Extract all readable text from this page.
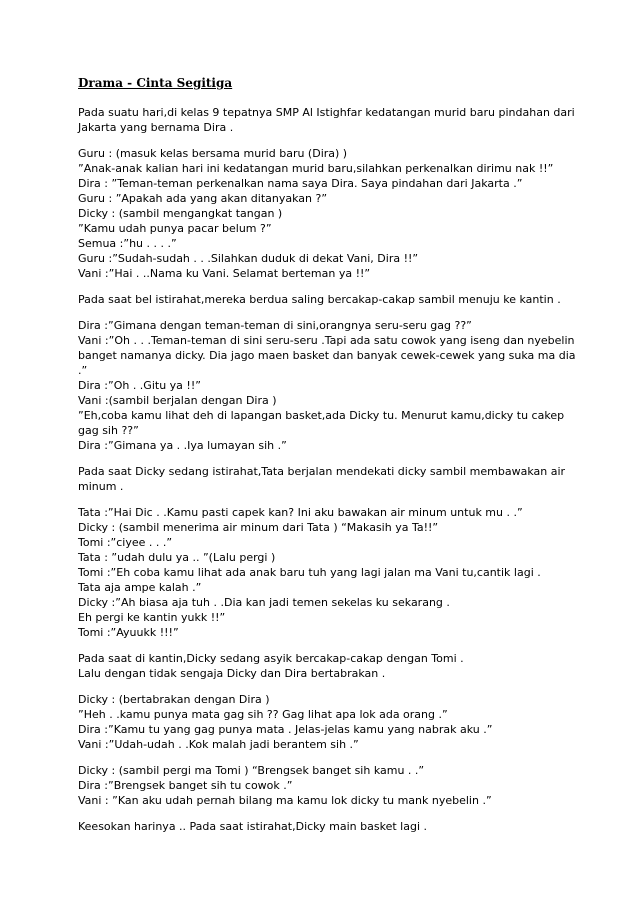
Drama - Cinta Segitiga
Pada suatu hari,di kelas 9 tepatnya SMP Al Istighfar kedatangan murid baru pindahan dari
Jakarta yang bernama Dira .
Guru : (masuk kelas bersama murid baru (Dira) )
”Anak-anak kalian hari ini kedatangan murid baru,silahkan perkenalkan dirimu nak !!”
Dira : ”Teman-teman perkenalkan nama saya Dira. Saya pindahan dari Jakarta .”
Guru : ”Apakah ada yang akan ditanyakan ?”
Dicky : (sambil mengangkat tangan )
”Kamu udah punya pacar belum ?”
Semua :”hu . . . .”
Guru :”Sudah-sudah . . .Silahkan duduk di dekat Vani, Dira !!”
Vani :”Hai . ..Nama ku Vani. Selamat berteman ya !!”
Pada saat bel istirahat,mereka berdua saling bercakap-cakap sambil menuju ke kantin .
Dira :”Gimana dengan teman-teman di sini,orangnya seru-seru gag ??”
Vani :”Oh . . .Teman-teman di sini seru-seru .Tapi ada satu cowok yang iseng dan nyebelin
banget namanya dicky. Dia jago maen basket dan banyak cewek-cewek yang suka ma dia
.”
Dira :”Oh . .Gitu ya !!”
Vani :(sambil berjalan dengan Dira )
”Eh,coba kamu lihat deh di lapangan basket,ada Dicky tu. Menurut kamu,dicky tu cakep
gag sih ??”
Dira :”Gimana ya . .Iya lumayan sih .”
Pada saat Dicky sedang istirahat,Tata berjalan mendekati dicky sambil membawakan air
minum .
Tata :”Hai Dic . .Kamu pasti capek kan? Ini aku bawakan air minum untuk mu . .”
Dicky : (sambil menerima air minum dari Tata ) “Makasih ya Ta!!”
Tomi :”ciyee . . .”
Tata : ”udah dulu ya .. ”(Lalu pergi )
Tomi :”Eh coba kamu lihat ada anak baru tuh yang lagi jalan ma Vani tu,cantik lagi .
Tata aja ampe kalah .”
Dicky :”Ah biasa aja tuh . .Dia kan jadi temen sekelas ku sekarang .
Eh pergi ke kantin yukk !!”
Tomi :”Ayuukk !!!”
Pada saat di kantin,Dicky sedang asyik bercakap-cakap dengan Tomi .
Lalu dengan tidak sengaja Dicky dan Dira bertabrakan .
Dicky : (bertabrakan dengan Dira )
”Heh . .kamu punya mata gag sih ?? Gag lihat apa lok ada orang .”
Dira :”Kamu tu yang gag punya mata . Jelas-jelas kamu yang nabrak aku .”
Vani :”Udah-udah . .Kok malah jadi berantem sih .”
Dicky : (sambil pergi ma Tomi ) “Brengsek banget sih kamu . .”
Dira :”Brengsek banget sih tu cowok .”
Vani : ”Kan aku udah pernah bilang ma kamu lok dicky tu mank nyebelin .”
Keesokan harinya .. Pada saat istirahat,Dicky main basket lagi .
